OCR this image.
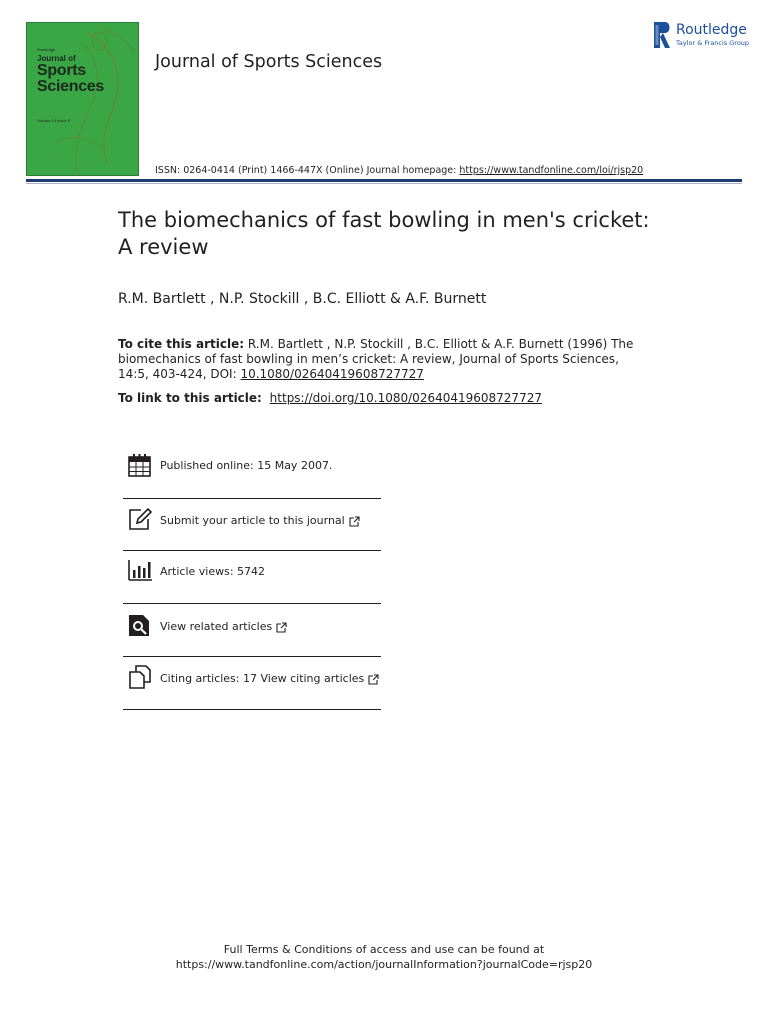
Routledge
Journal of
Sports
Sciences
Volume 14 Issue 5
Journal of Sports Sciences
Routledge
Taylor & Francis Group
ISSN: 0264-0414 (Print) 1466-447X (Online) Journal homepage: https://www.tandfonline.com/loi/rjsp20
The biomechanics of fast bowling in men's cricket:
A review
R.M. Bartlett , N.P. Stockill , B.C. Elliott & A.F. Burnett
To cite this article: R.M. Bartlett , N.P. Stockill , B.C. Elliott & A.F. Burnett (1996) The biomechanics of fast bowling in men’s cricket: A review, Journal of Sports Sciences, 14:5, 403-424, DOI: 10.1080/02640419608727727
To link to this article: https://doi.org/10.1080/02640419608727727
Published online: 15 May 2007.
Submit your article to this journal
Article views: 5742
View related articles
Citing articles: 17 View citing articles
Full Terms & Conditions of access and use can be found at
https://www.tandfonline.com/action/journalInformation?journalCode=rjsp20
